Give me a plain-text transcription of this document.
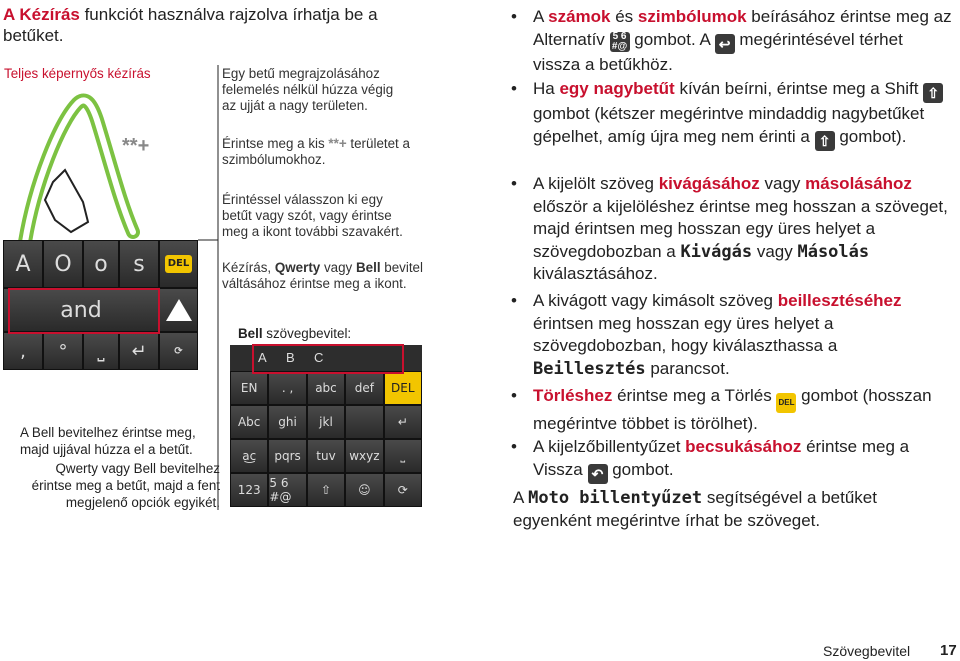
A Kézírás funkciót használva rajzolva írhatja be a betűket.
Teljes képernyős kézírás
**+
A	O	o	s	DEL
and
,	°	⎵	↵	⟳
A Bell bevitelhez érintse meg, majd ujjával húzza el a betűt.
Qwerty vagy Bell bevitelhez érintse meg a betűt, majd a fent megjelenő opciók egyikét.
Egy betű megrajzolásához felemelés nélkül húzza végig az ujját a nagy területen.
Érintse meg a kis **+ területet a szimbólumokhoz.
Érintéssel válasszon ki egy betűt vagy szót, vagy érintse meg a ikont további szavakért.
Kézírás, Qwerty vagy Bell bevitel váltásához érintse meg a ikont.
Bell szövegbevitel:
A B C
EN	. ,	abc	def	DEL
Abc	ghi	jkl	↵
a͜c	pqrs	tuv	wxyz	⎵
123 5 6 #@	⇧	☺	⟳
• A számok és szimbólumok beírásához érintse meg az Alternatív 5 6
#@ gombot. A ↩ megérintésével térhet vissza a betűkhöz.
• Ha egy nagybetűt kíván beírni, érintse meg a Shift ⇧ gombot (kétszer megérintve mindaddig nagybetűket gépelhet, amíg újra meg nem érinti a ⇧ gombot).
• A kijelölt szöveg kivágásához vagy másolásához először a kijelöléshez érintse meg hosszan a szöveget, majd érintsen meg hosszan egy üres helyet a szövegdobozban a Kivágás vagy Másolás kiválasztásához.
• A kivágott vagy kimásolt szöveg beillesztéséhez érintsen meg hosszan egy üres helyet a szövegdobozban, hogy kiválaszthassa a Beillesztés parancsot.
• Törléshez érintse meg a Törlés DEL gombot (hosszan megérintve többet is törölhet).
• A kijelzőbillentyűzet becsukásához érintse meg a Vissza ↶ gombot.
A Moto billentyűzet segítségével a betűket egyenként megérintve írhat be szöveget.
Szövegbevitel 17
